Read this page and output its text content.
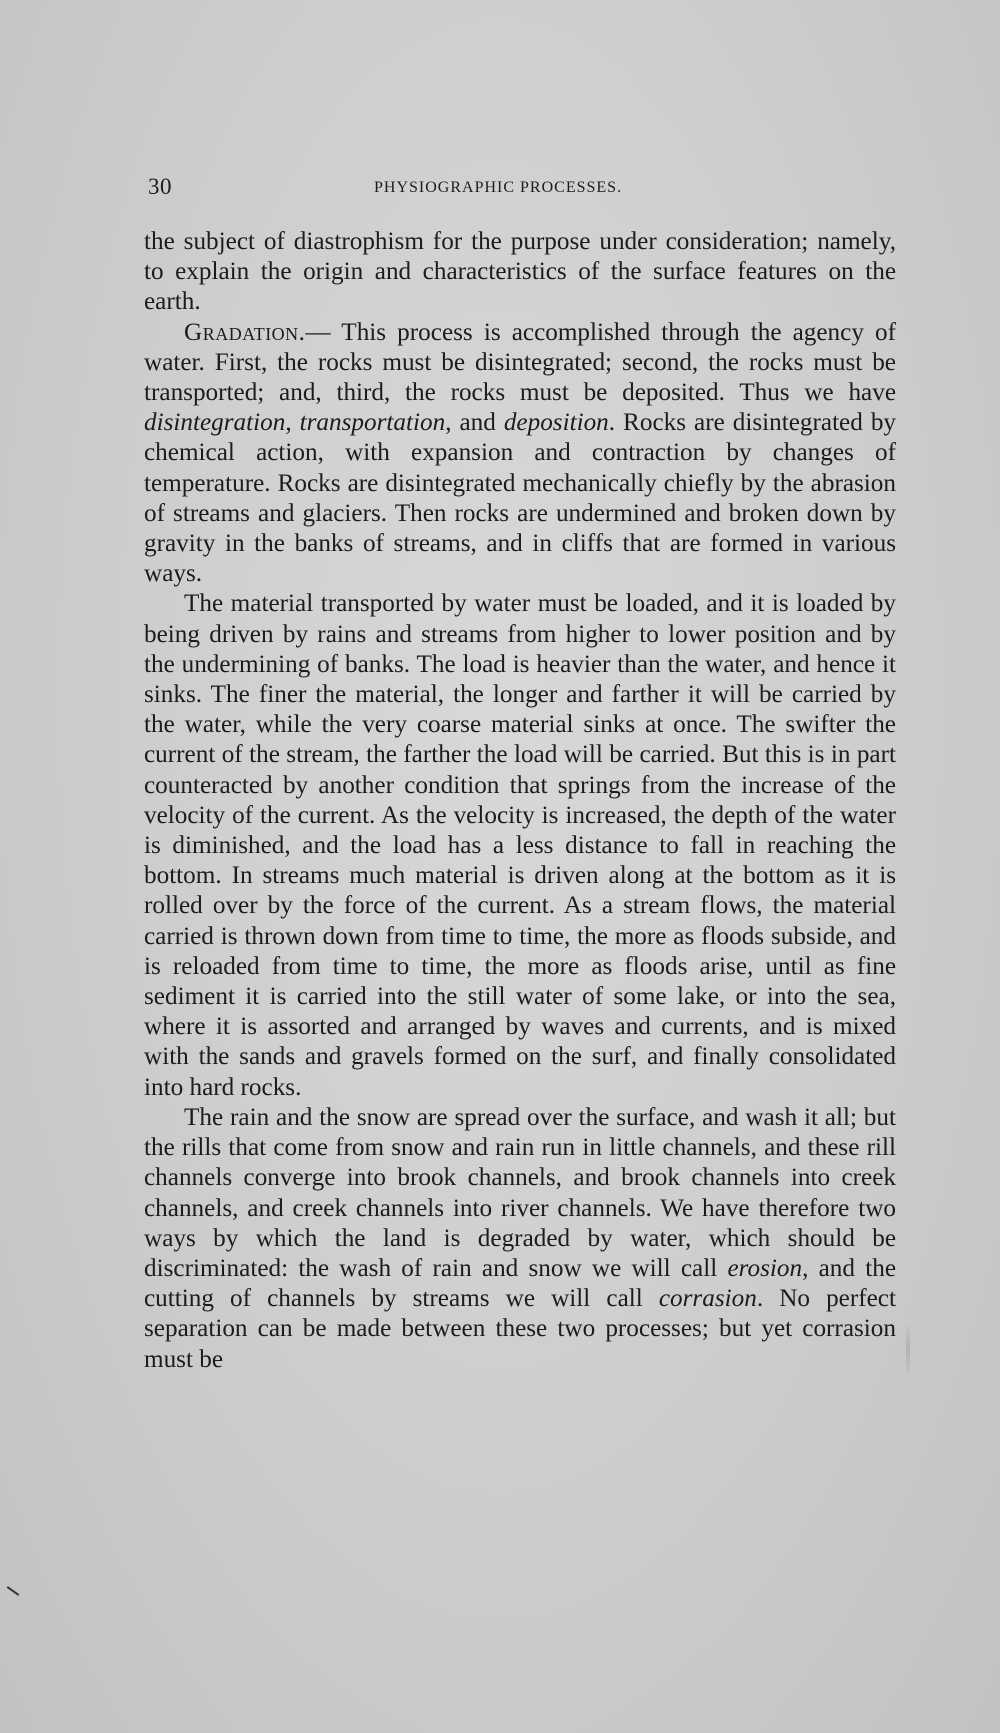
30	PHYSIOGRAPHIC PROCESSES.

the subject of diastrophism for the purpose under consideration; namely, to explain the origin and characteristics of the surface features on the earth.

Gradation.— This process is accomplished through the agency of water. First, the rocks must be disintegrated; second, the rocks must be transported; and, third, the rocks must be deposited. Thus we have disintegration, transportation, and deposition. Rocks are disintegrated by chemical action, with expansion and contraction by changes of temperature. Rocks are disintegrated mechanically chiefly by the abrasion of streams and glaciers. Then rocks are undermined and broken down by gravity in the banks of streams, and in cliffs that are formed in various ways.

The material transported by water must be loaded, and it is loaded by being driven by rains and streams from higher to lower position and by the undermining of banks. The load is heavier than the water, and hence it sinks. The finer the material, the longer and farther it will be carried by the water, while the very coarse material sinks at once. The swifter the current of the stream, the farther the load will be carried. But this is in part counteracted by another condition that springs from the increase of the velocity of the current. As the velocity is increased, the depth of the water is diminished, and the load has a less distance to fall in reaching the bottom. In streams much material is driven along at the bottom as it is rolled over by the force of the current. As a stream flows, the material carried is thrown down from time to time, the more as floods subside, and is reloaded from time to time, the more as floods arise, until as fine sediment it is carried into the still water of some lake, or into the sea, where it is assorted and arranged by waves and currents, and is mixed with the sands and gravels formed on the surf, and finally consolidated into hard rocks.

The rain and the snow are spread over the surface, and wash it all; but the rills that come from snow and rain run in little channels, and these rill channels converge into brook channels, and brook channels into creek channels, and creek channels into river channels. We have therefore two ways by which the land is degraded by water, which should be discriminated: the wash of rain and snow we will call erosion, and the cutting of channels by streams we will call corrasion. No perfect separation can be made between these two processes; but yet corrasion must be
